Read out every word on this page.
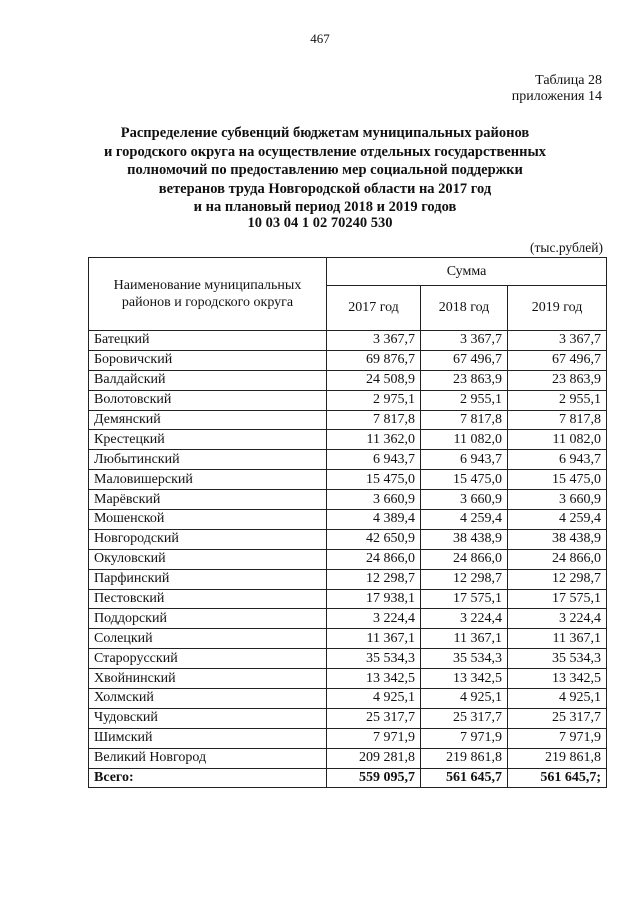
467
Таблица 28
приложения 14
Распределение субвенций бюджетам муниципальных районов
и городского округа на осуществление отдельных государственных
полномочий по предоставлению мер социальной поддержки
ветеранов труда Новгородской области на 2017 год
и на плановый период 2018 и 2019 годов
10 03 04 1 02 70240 530
(тыс.рублей)
Наименование муниципальных районов и городского округа	Сумма		
	2017 год	2018 год	2019 год
Батецкий	3 367,7	3 367,7	3 367,7
Боровичский	69 876,7	67 496,7	67 496,7
Валдайский	24 508,9	23 863,9	23 863,9
Волотовский	2 975,1	2 955,1	2 955,1
Демянский	7 817,8	7 817,8	7 817,8
Крестецкий	11 362,0	11 082,0	11 082,0
Любытинский	6 943,7	6 943,7	6 943,7
Маловишерский	15 475,0	15 475,0	15 475,0
Марёвский	3 660,9	3 660,9	3 660,9
Мошенской	4 389,4	4 259,4	4 259,4
Новгородский	42 650,9	38 438,9	38 438,9
Окуловский	24 866,0	24 866,0	24 866,0
Парфинский	12 298,7	12 298,7	12 298,7
Пестовский	17 938,1	17 575,1	17 575,1
Поддорский	3 224,4	3 224,4	3 224,4
Солецкий	11 367,1	11 367,1	11 367,1
Старорусский	35 534,3	35 534,3	35 534,3
Хвойнинский	13 342,5	13 342,5	13 342,5
Холмский	4 925,1	4 925,1	4 925,1
Чудовский	25 317,7	25 317,7	25 317,7
Шимский	7 971,9	7 971,9	7 971,9
Великий Новгород	209 281,8	219 861,8	219 861,8
Всего:	559 095,7	561 645,7	561 645,7;
